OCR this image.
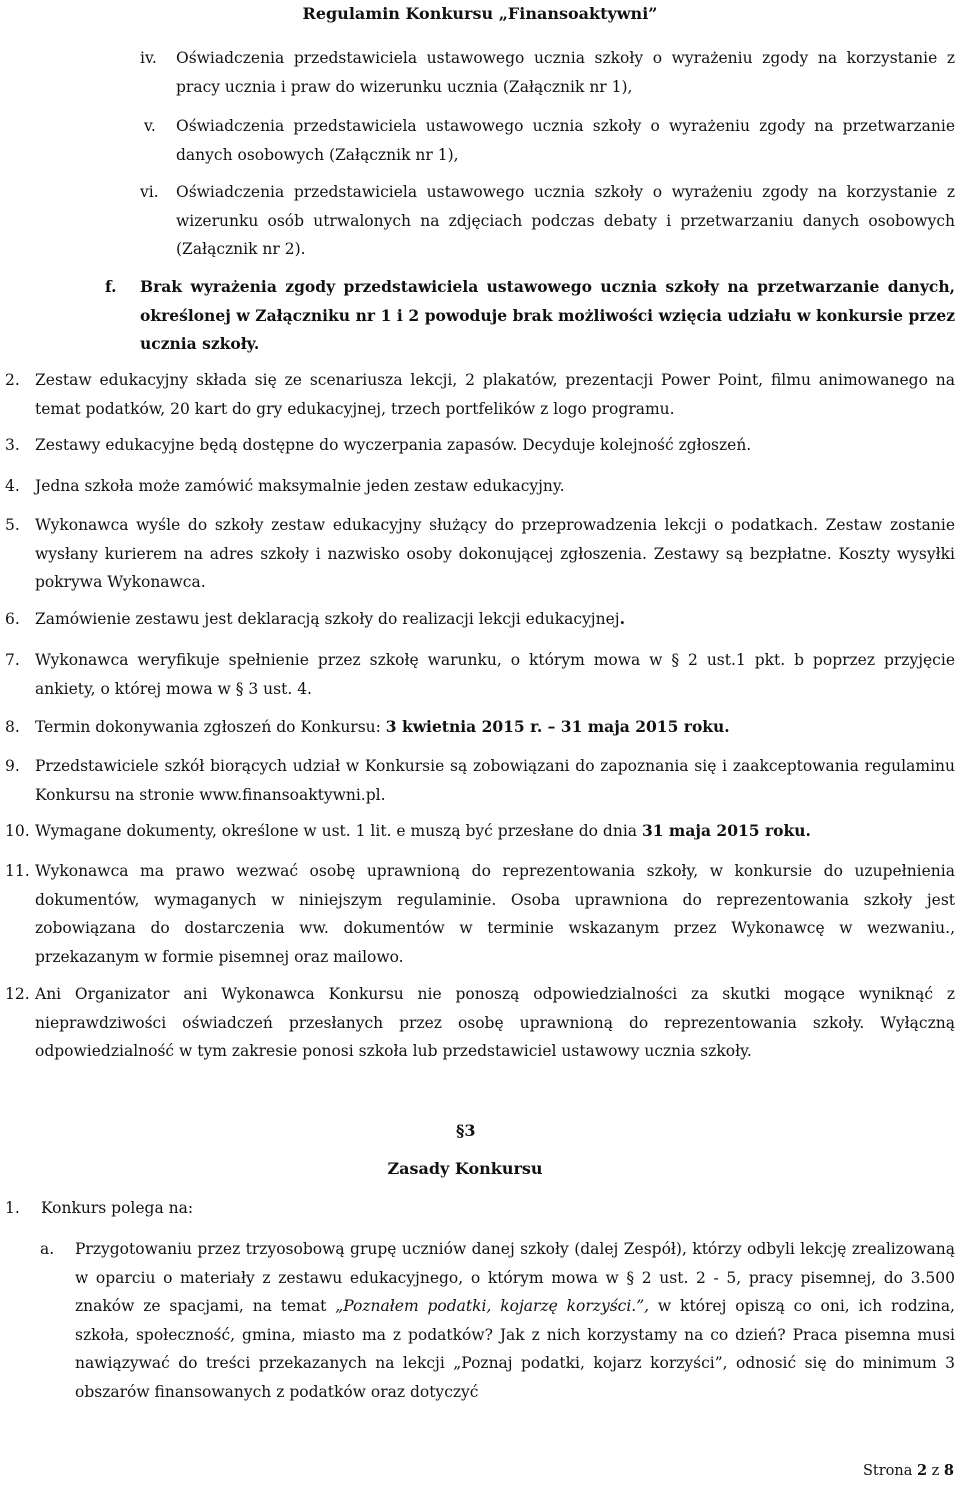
Regulamin Konkursu „Finansoaktywni”
iv. Oświadczenia przedstawiciela ustawowego ucznia szkoły o wyrażeniu zgody na korzystanie z pracy ucznia i praw do wizerunku ucznia (Załącznik nr 1),
v. Oświadczenia przedstawiciela ustawowego ucznia szkoły o wyrażeniu zgody na przetwarzanie danych osobowych (Załącznik nr 1),
vi. Oświadczenia przedstawiciela ustawowego ucznia szkoły o wyrażeniu zgody na korzystanie z wizerunku osób utrwalonych na zdjęciach podczas debaty i przetwarzaniu danych osobowych (Załącznik nr 2).
f. Brak wyrażenia zgody przedstawiciela ustawowego ucznia szkoły na przetwarzanie danych, określonej w Załączniku nr 1 i 2 powoduje brak możliwości wzięcia udziału w konkursie przez ucznia szkoły.
2. Zestaw edukacyjny składa się ze scenariusza lekcji, 2 plakatów, prezentacji Power Point, filmu animowanego na temat podatków, 20 kart do gry edukacyjnej, trzech portfelików z logo programu.
3. Zestawy edukacyjne będą dostępne do wyczerpania zapasów. Decyduje kolejność zgłoszeń.
4. Jedna szkoła może zamówić maksymalnie jeden zestaw edukacyjny.
5. Wykonawca wyśle do szkoły zestaw edukacyjny służący do przeprowadzenia lekcji o podatkach. Zestaw zostanie wysłany kurierem na adres szkoły i nazwisko osoby dokonującej zgłoszenia. Zestawy są bezpłatne. Koszty wysyłki pokrywa Wykonawca.
6. Zamówienie zestawu jest deklaracją szkoły do realizacji lekcji edukacyjnej.
7. Wykonawca weryfikuje spełnienie przez szkołę warunku, o którym mowa w § 2 ust.1 pkt. b poprzez przyjęcie ankiety, o której mowa w § 3 ust. 4.
8. Termin dokonywania zgłoszeń do Konkursu: 3 kwietnia 2015 r. – 31 maja 2015 roku.
9. Przedstawiciele szkół biorących udział w Konkursie są zobowiązani do zapoznania się i zaakceptowania regulaminu Konkursu na stronie www.finansoaktywni.pl.
10. Wymagane dokumenty, określone w ust. 1 lit. e muszą być przesłane do dnia 31 maja 2015 roku.
11. Wykonawca ma prawo wezwać osobę uprawnioną do reprezentowania szkoły, w konkursie do uzupełnienia dokumentów, wymaganych w niniejszym regulaminie. Osoba uprawniona do reprezentowania szkoły jest zobowiązana do dostarczenia ww. dokumentów w terminie wskazanym przez Wykonawcę w wezwaniu., przekazanym w formie pisemnej oraz mailowo.
12. Ani Organizator ani Wykonawca Konkursu nie ponoszą odpowiedzialności za skutki mogące wyniknąć z nieprawdziwości oświadczeń przesłanych przez osobę uprawnioną do reprezentowania szkoły. Wyłączną odpowiedzialność w tym zakresie ponosi szkoła lub przedstawiciel ustawowy ucznia szkoły.
§3
Zasady Konkursu
1. Konkurs polega na:
a. Przygotowaniu przez trzyosobową grupę uczniów danej szkoły (dalej Zespół), którzy odbyli lekcję zrealizowaną w oparciu o materiały z zestawu edukacyjnego, o którym mowa w § 2 ust. 2 - 5, pracy pisemnej, do 3.500 znaków ze spacjami, na temat „Poznałem podatki, kojarzę korzyści.”, w której opiszą co oni, ich rodzina, szkoła, społeczność, gmina, miasto ma z podatków? Jak z nich korzystamy na co dzień? Praca pisemna musi nawiązywać do treści przekazanych na lekcji „Poznaj podatki, kojarz korzyści”, odnosić się do minimum 3 obszarów finansowanych z podatków oraz dotyczyć
Strona 2 z 8
